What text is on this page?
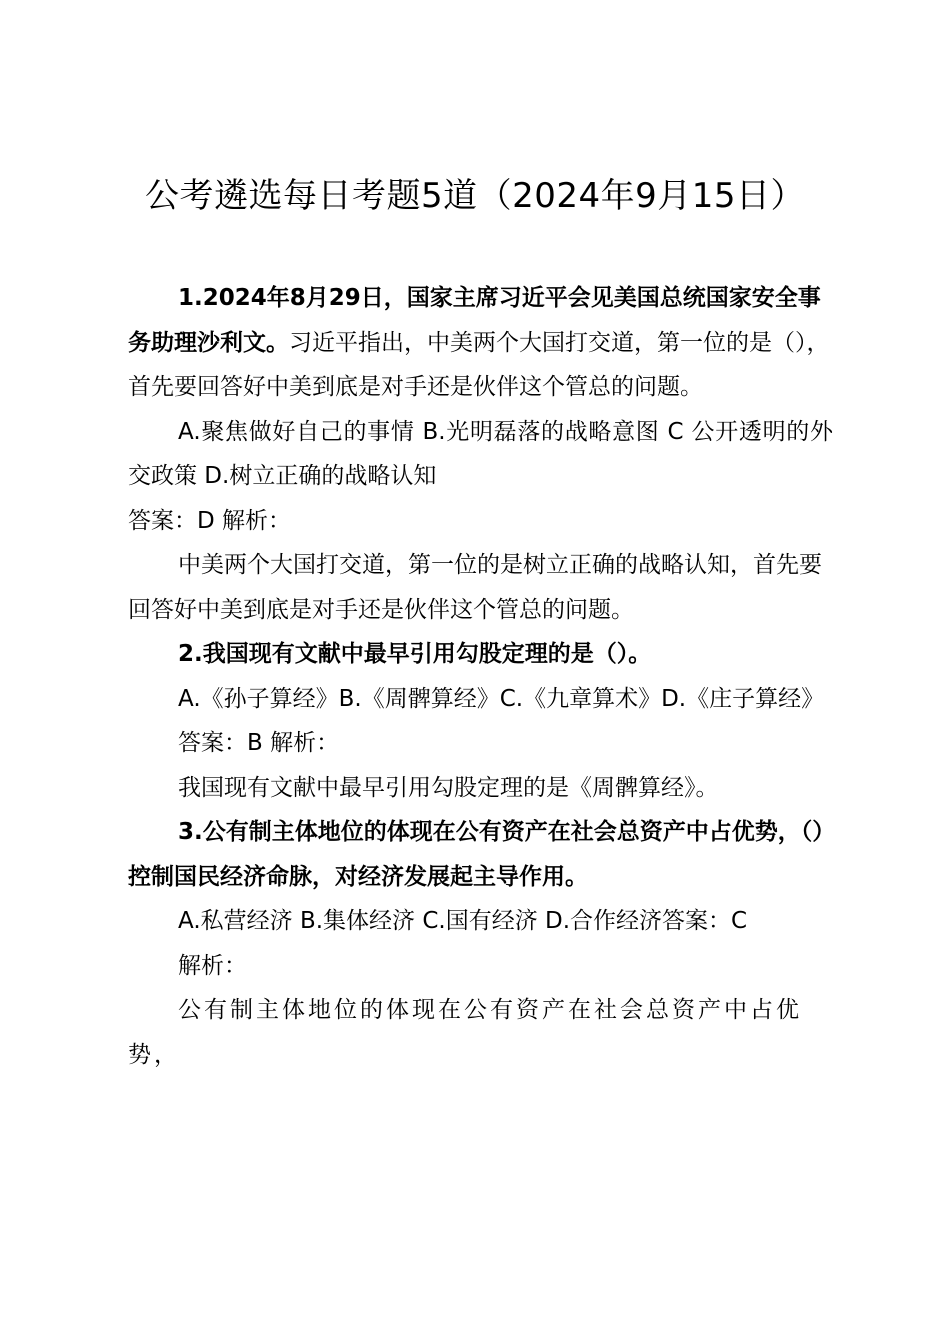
公考遴选每日考题5道（2024年9月15日）

1.2024年8月29日，国家主席习近平会见美国总统国家安全事务助理沙利文。习近平指出，中美两个大国打交道，第一位的是（），首先要回答好中美到底是对手还是伙伴这个管总的问题。

A.聚焦做好自己的事情 B.光明磊落的战略意图 C 公开透明的外交政策 D.树立正确的战略认知

答案：D 解析：

中美两个大国打交道，第一位的是树立正确的战略认知，首先要回答好中美到底是对手还是伙伴这个管总的问题。

2.我国现有文献中最早引用勾股定理的是（）。

A.《孙子算经》B.《周髀算经》C.《九章算术》D.《庄子算经》

答案：B 解析：

我国现有文献中最早引用勾股定理的是《周髀算经》。

3.公有制主体地位的体现在公有资产在社会总资产中占优势，（）控制国民经济命脉，对经济发展起主导作用。

A.私营经济 B.集体经济 C.国有经济 D.合作经济答案：C

解析：

公有制主体地位的体现在公有资产在社会总资产中占优势，
